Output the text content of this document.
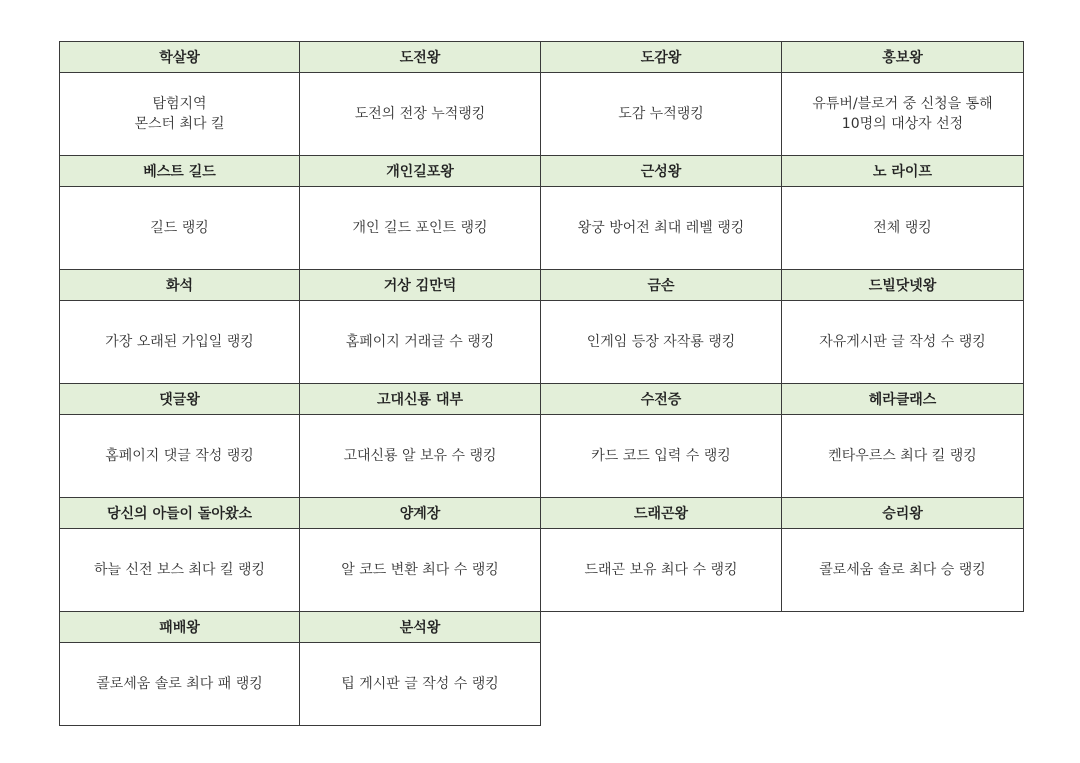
학살왕
탐험지역
몬스터 최다 킬
도전왕
도전의 전장 누적랭킹
도감왕
도감 누적랭킹
홍보왕
유튜버/블로거 중 신청을 통해
10명의 대상자 선정
베스트 길드
길드 랭킹
개인길포왕
개인 길드 포인트 랭킹
근성왕
왕궁 방어전 최대 레벨 랭킹
노 라이프
전체 랭킹
화석
가장 오래된 가입일 랭킹
거상 김만덕
홈페이지 거래글 수 랭킹
금손
인게임 등장 자작룡 랭킹
드빌닷넷왕
자유게시판 글 작성 수 랭킹
댓글왕
홈페이지 댓글 작성 랭킹
고대신룡 대부
고대신룡 알 보유 수 랭킹
수전증
카드 코드 입력 수 랭킹
헤라클래스
켄타우르스 최다 킬 랭킹
당신의 아들이 돌아왔소
하늘 신전 보스 최다 킬 랭킹
양계장
알 코드 변환 최다 수 랭킹
드래곤왕
드래곤 보유 최다 수 랭킹
승리왕
콜로세움 솔로 최다 승 랭킹
패배왕
콜로세움 솔로 최다 패 랭킹
분석왕
팁 게시판 글 작성 수 랭킹
